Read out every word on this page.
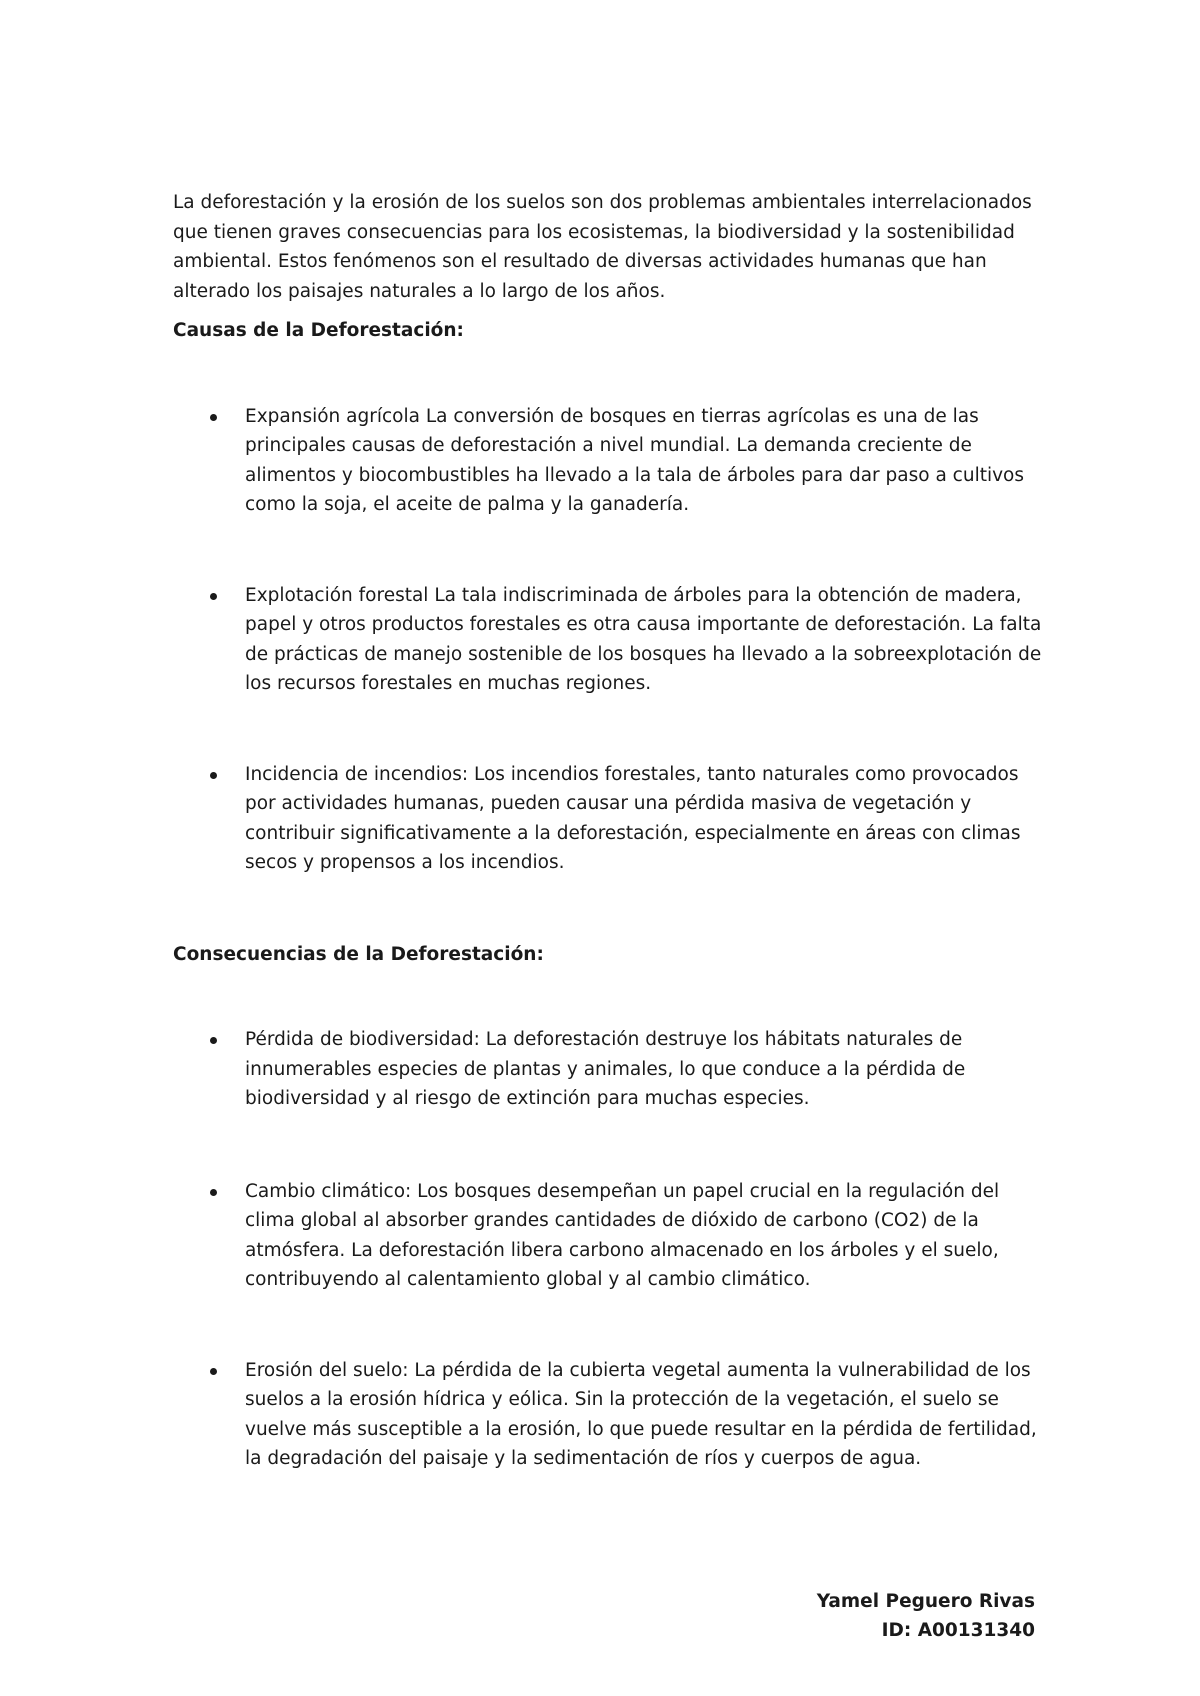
La deforestación y la erosión de los suelos son dos problemas ambientales interrelacionados que tienen graves consecuencias para los ecosistemas, la biodiversidad y la sostenibilidad ambiental. Estos fenómenos son el resultado de diversas actividades humanas que han alterado los paisajes naturales a lo largo de los años.

Causas de la Deforestación:

Expansión agrícola La conversión de bosques en tierras agrícolas es una de las principales causas de deforestación a nivel mundial. La demanda creciente de alimentos y biocombustibles ha llevado a la tala de árboles para dar paso a cultivos como la soja, el aceite de palma y la ganadería.
Explotación forestal La tala indiscriminada de árboles para la obtención de madera, papel y otros productos forestales es otra causa importante de deforestación. La falta de prácticas de manejo sostenible de los bosques ha llevado a la sobreexplotación de los recursos forestales en muchas regiones.
Incidencia de incendios: Los incendios forestales, tanto naturales como provocados por actividades humanas, pueden causar una pérdida masiva de vegetación y contribuir significativamente a la deforestación, especialmente en áreas con climas secos y propensos a los incendios.

Consecuencias de la Deforestación:

Pérdida de biodiversidad: La deforestación destruye los hábitats naturales de innumerables especies de plantas y animales, lo que conduce a la pérdida de biodiversidad y al riesgo de extinción para muchas especies.
Cambio climático: Los bosques desempeñan un papel crucial en la regulación del clima global al absorber grandes cantidades de dióxido de carbono (CO2) de la atmósfera. La deforestación libera carbono almacenado en los árboles y el suelo, contribuyendo al calentamiento global y al cambio climático.
Erosión del suelo: La pérdida de la cubierta vegetal aumenta la vulnerabilidad de los suelos a la erosión hídrica y eólica. Sin la protección de la vegetación, el suelo se vuelve más susceptible a la erosión, lo que puede resultar en la pérdida de fertilidad, la degradación del paisaje y la sedimentación de ríos y cuerpos de agua.
Yamel Peguero Rivas
ID: A00131340
